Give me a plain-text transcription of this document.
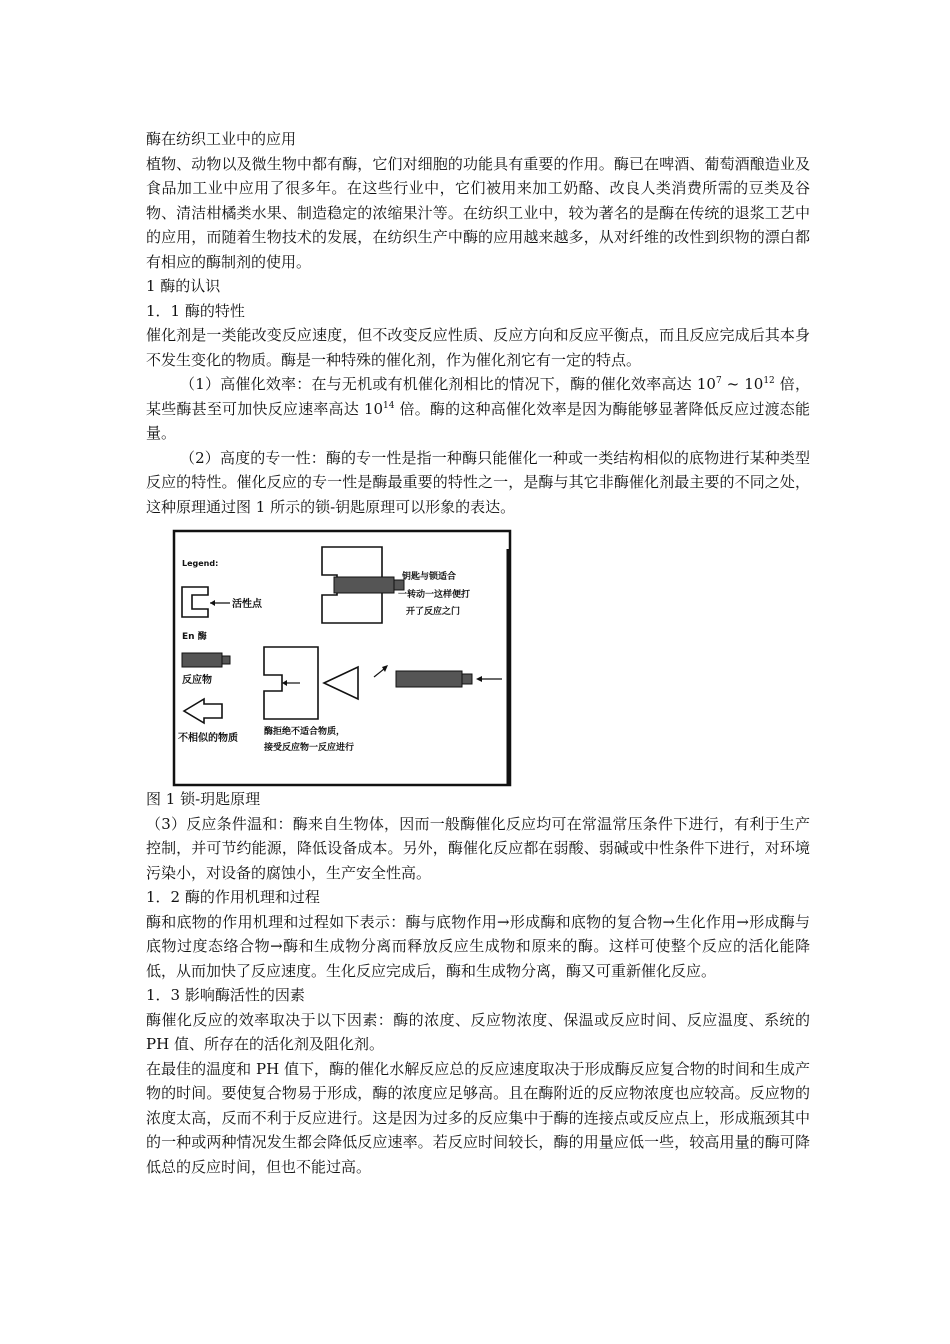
酶在纺织工业中的应用

植物、动物以及微生物中都有酶，它们对细胞的功能具有重要的作用。酶已在啤酒、葡萄酒酿造业及食品加工业中应用了很多年。在这些行业中，它们被用来加工奶酪、改良人类消费所需的豆类及谷物、清洁柑橘类水果、制造稳定的浓缩果汁等。在纺织工业中，较为著名的是酶在传统的退浆工艺中的应用，而随着生物技术的发展，在纺织生产中酶的应用越来越多，从对纤维的改性到织物的漂白都有相应的酶制剂的使用。

1 酶的认识

1．1 酶的特性

催化剂是一类能改变反应速度，但不改变反应性质、反应方向和反应平衡点，而且反应完成后其本身不发生变化的物质。酶是一种特殊的催化剂，作为催化剂它有一定的特点。

（1）高催化效率：在与无机或有机催化剂相比的情况下，酶的催化效率高达 $10^7$ ~ $10^{12}$ 倍，某些酶甚至可加快反应速率高达 $10^{14}$ 倍。酶的这种高催化效率是因为酶能够显著降低反应过渡态能量。

（2）高度的专一性：酶的专一性是指一种酶只能催化一种或一类结构相似的底物进行某种类型反应的特性。催化反应的专一性是酶最重要的特性之一，是酶与其它非酶催化剂最主要的不同之处，这种原理通过图 1 所示的锁-钥匙原理可以形象的表达。

Legend:
活性点
En 酶
反应物
不相似的物质
钥匙与锁适合
一转动一这样便打
开了反应之门
酶拒绝不适合物质，
接受反应物一反应进行

图 1 锁-玥匙原理

（3）反应条件温和：酶来自生物体，因而一般酶催化反应均可在常温常压条件下进行，有利于生产控制，并可节约能源，降低设备成本。另外，酶催化反应都在弱酸、弱碱或中性条件下进行，对环境污染小，对设备的腐蚀小，生产安全性高。

1．2 酶的作用机理和过程

酶和底物的作用机理和过程如下表示：酶与底物作用→形成酶和底物的复合物→生化作用→形成酶与底物过度态络合物→酶和生成物分离而释放反应生成物和原来的酶。这样可使整个反应的活化能降低，从而加快了反应速度。生化反应完成后，酶和生成物分离，酶又可重新催化反应。

1．3 影响酶活性的因素

酶催化反应的效率取决于以下因素：酶的浓度、反应物浓度、保温或反应时间、反应温度、系统的 PH 值、所存在的活化剂及阻化剂。

在最佳的温度和 PH 值下，酶的催化水解反应总的反应速度取决于形成酶反应复合物的时间和生成产物的时间。要使复合物易于形成，酶的浓度应足够高。且在酶附近的反应物浓度也应较高。反应物的浓度太高，反而不利于反应进行。这是因为过多的反应集中于酶的连接点或反应点上，形成瓶颈其中的一种或两种情况发生都会降低反应速率。若反应时间较长，酶的用量应低一些，较高用量的酶可降低总的反应时间，但也不能过高。
